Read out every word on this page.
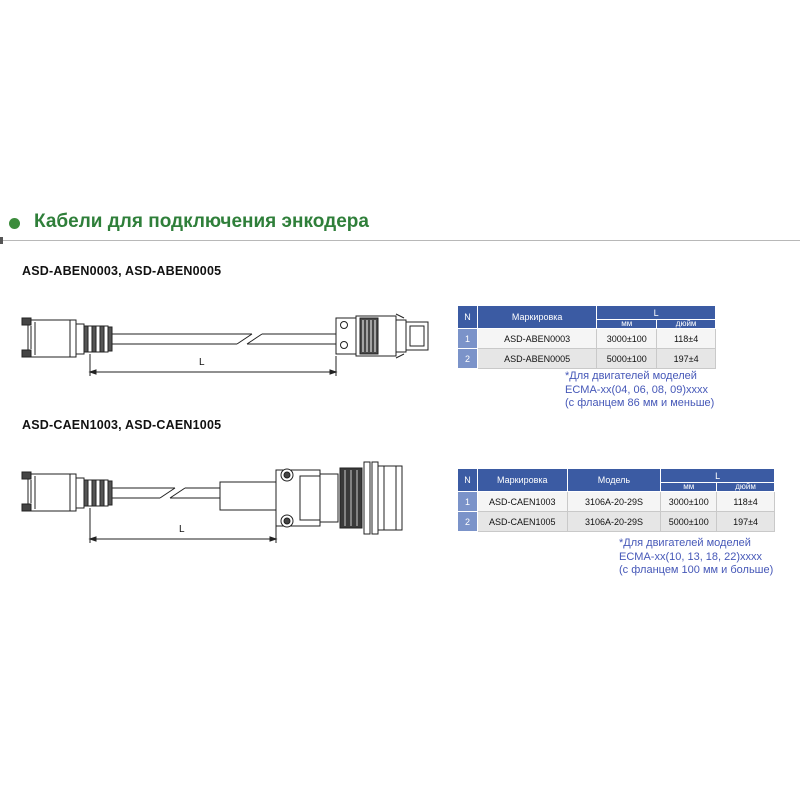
Кабели для подключения энкодера
ASD-ABEN0003, ASD-ABEN0005
ASD-CAEN1003, ASD-CAEN1005
L
L
N	Маркировка	L	
		мм	дюйм
1	ASD-ABEN0003	3000±100	118±4
2	ASD-ABEN0005	5000±100	197±4
*Для двигателей моделей
ECMA-xx(04, 06, 08, 09)xxxx
(с фланцем 86 мм и меньше)
N	Маркировка	Модель	L	
			мм	дюйм
1	ASD-CAEN1003	3106A-20-29S	3000±100	118±4
2	ASD-CAEN1005	3106A-20-29S	5000±100	197±4
*Для двигателей моделей
ECMA-xx(10, 13, 18, 22)xxxx
(с фланцем 100 мм и больше)
